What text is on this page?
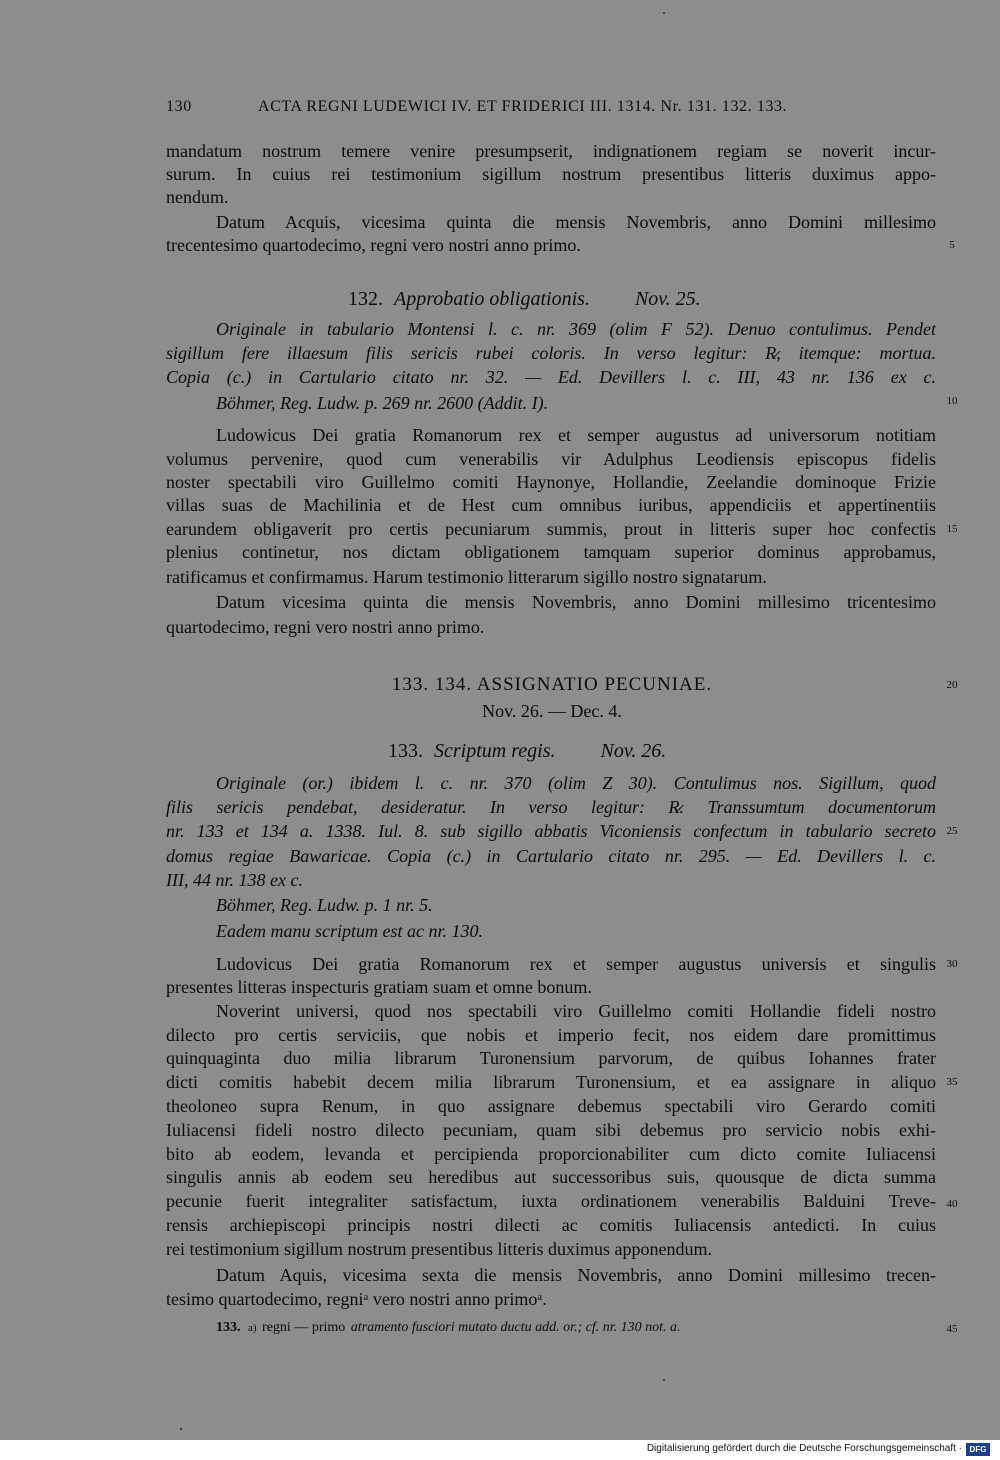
130	ACTA REGNI LUDEWICI IV. ET FRIDERICI III. 1314. Nr. 131. 132. 133.
mandatum nostrum temere venire presumpserit, indignationem regiam se noverit incur-
surum. In cuius rei testimonium sigillum nostrum presentibus litteris duximus appo-
nendum.
Datum Acquis, vicesima quinta die mensis Novembris, anno Domini millesimo
trecentesimo quartodecimo, regni vero nostri anno primo.
132. Approbatio obligationis. Nov. 25.
Originale in tabulario Montensi l. c. nr. 369 (olim F 52). Denuo contulimus. Pendet
sigillum fere illaesum filis sericis rubei coloris. In verso legitur: R̷, itemque: mortua.
Copia (c.) in Cartulario citato nr. 32. — Ed. Devillers l. c. III, 43 nr. 136 ex c.
Böhmer, Reg. Ludw. p. 269 nr. 2600 (Addit. I).
Ludowicus Dei gratia Romanorum rex et semper augustus ad universorum notitiam
volumus pervenire, quod cum venerabilis vir Adulphus Leodiensis episcopus fidelis
noster spectabili viro Guillelmo comiti Haynonye, Hollandie, Zeelandie dominoque Frizie
villas suas de Machilinia et de Hest cum omnibus iuribus, appendiciis et appertinentiis
earundem obligaverit pro certis pecuniarum summis, prout in litteris super hoc confectis
plenius continetur, nos dictam obligationem tamquam superior dominus approbamus,
ratificamus et confirmamus. Harum testimonio litterarum sigillo nostro signatarum.
Datum vicesima quinta die mensis Novembris, anno Domini millesimo tricentesimo
quartodecimo, regni vero nostri anno primo.
133. 134. ASSIGNATIO PECUNIAE.
Nov. 26. — Dec. 4.
133. Scriptum regis. Nov. 26.
Originale (or.) ibidem l. c. nr. 370 (olim Z 30). Contulimus nos. Sigillum, quod
filis sericis pendebat, desideratur. In verso legitur: R̷. Transsumtum documentorum
nr. 133 et 134 a. 1338. Iul. 8. sub sigillo abbatis Viconiensis confectum in tabulario secreto
domus regiae Bawaricae. Copia (c.) in Cartulario citato nr. 295. — Ed. Devillers l. c.
III, 44 nr. 138 ex c.
Böhmer, Reg. Ludw. p. 1 nr. 5.
Eadem manu scriptum est ac nr. 130.
Ludovicus Dei gratia Romanorum rex et semper augustus universis et singulis
presentes litteras inspecturis gratiam suam et omne bonum.
Noverint universi, quod nos spectabili viro Guillelmo comiti Hollandie fideli nostro
dilecto pro certis serviciis, que nobis et imperio fecit, nos eidem dare promittimus
quinquaginta duo milia librarum Turonensium parvorum, de quibus Iohannes frater
dicti comitis habebit decem milia librarum Turonensium, et ea assignare in aliquo
theoloneo supra Renum, in quo assignare debemus spectabili viro Gerardo comiti
Iuliacensi fideli nostro dilecto pecuniam, quam sibi debemus pro servicio nobis exhi-
bito ab eodem, levanda et percipienda proporcionabiliter cum dicto comite Iuliacensi
singulis annis ab eodem seu heredibus aut successoribus suis, quousque de dicta summa
pecunie fuerit integraliter satisfactum, iuxta ordinationem venerabilis Balduini Treve-
rensis archiepiscopi principis nostri dilecti ac comitis Iuliacensis antedicti. In cuius
rei testimonium sigillum nostrum presentibus litteris duximus apponendum.
Datum Aquis, vicesima sexta die mensis Novembris, anno Domini millesimo trecen-
tesimo quartodecimo, regniᵃ vero nostri anno primoᵃ.
133. a) regni — primo atramento fusciori mutato ductu add. or.; cf. nr. 130 not. a.
5
10
15
20
25
30
35
40
45
Digitalisierung gefördert durch die Deutsche Forschungsgemeinschaft · DFG
